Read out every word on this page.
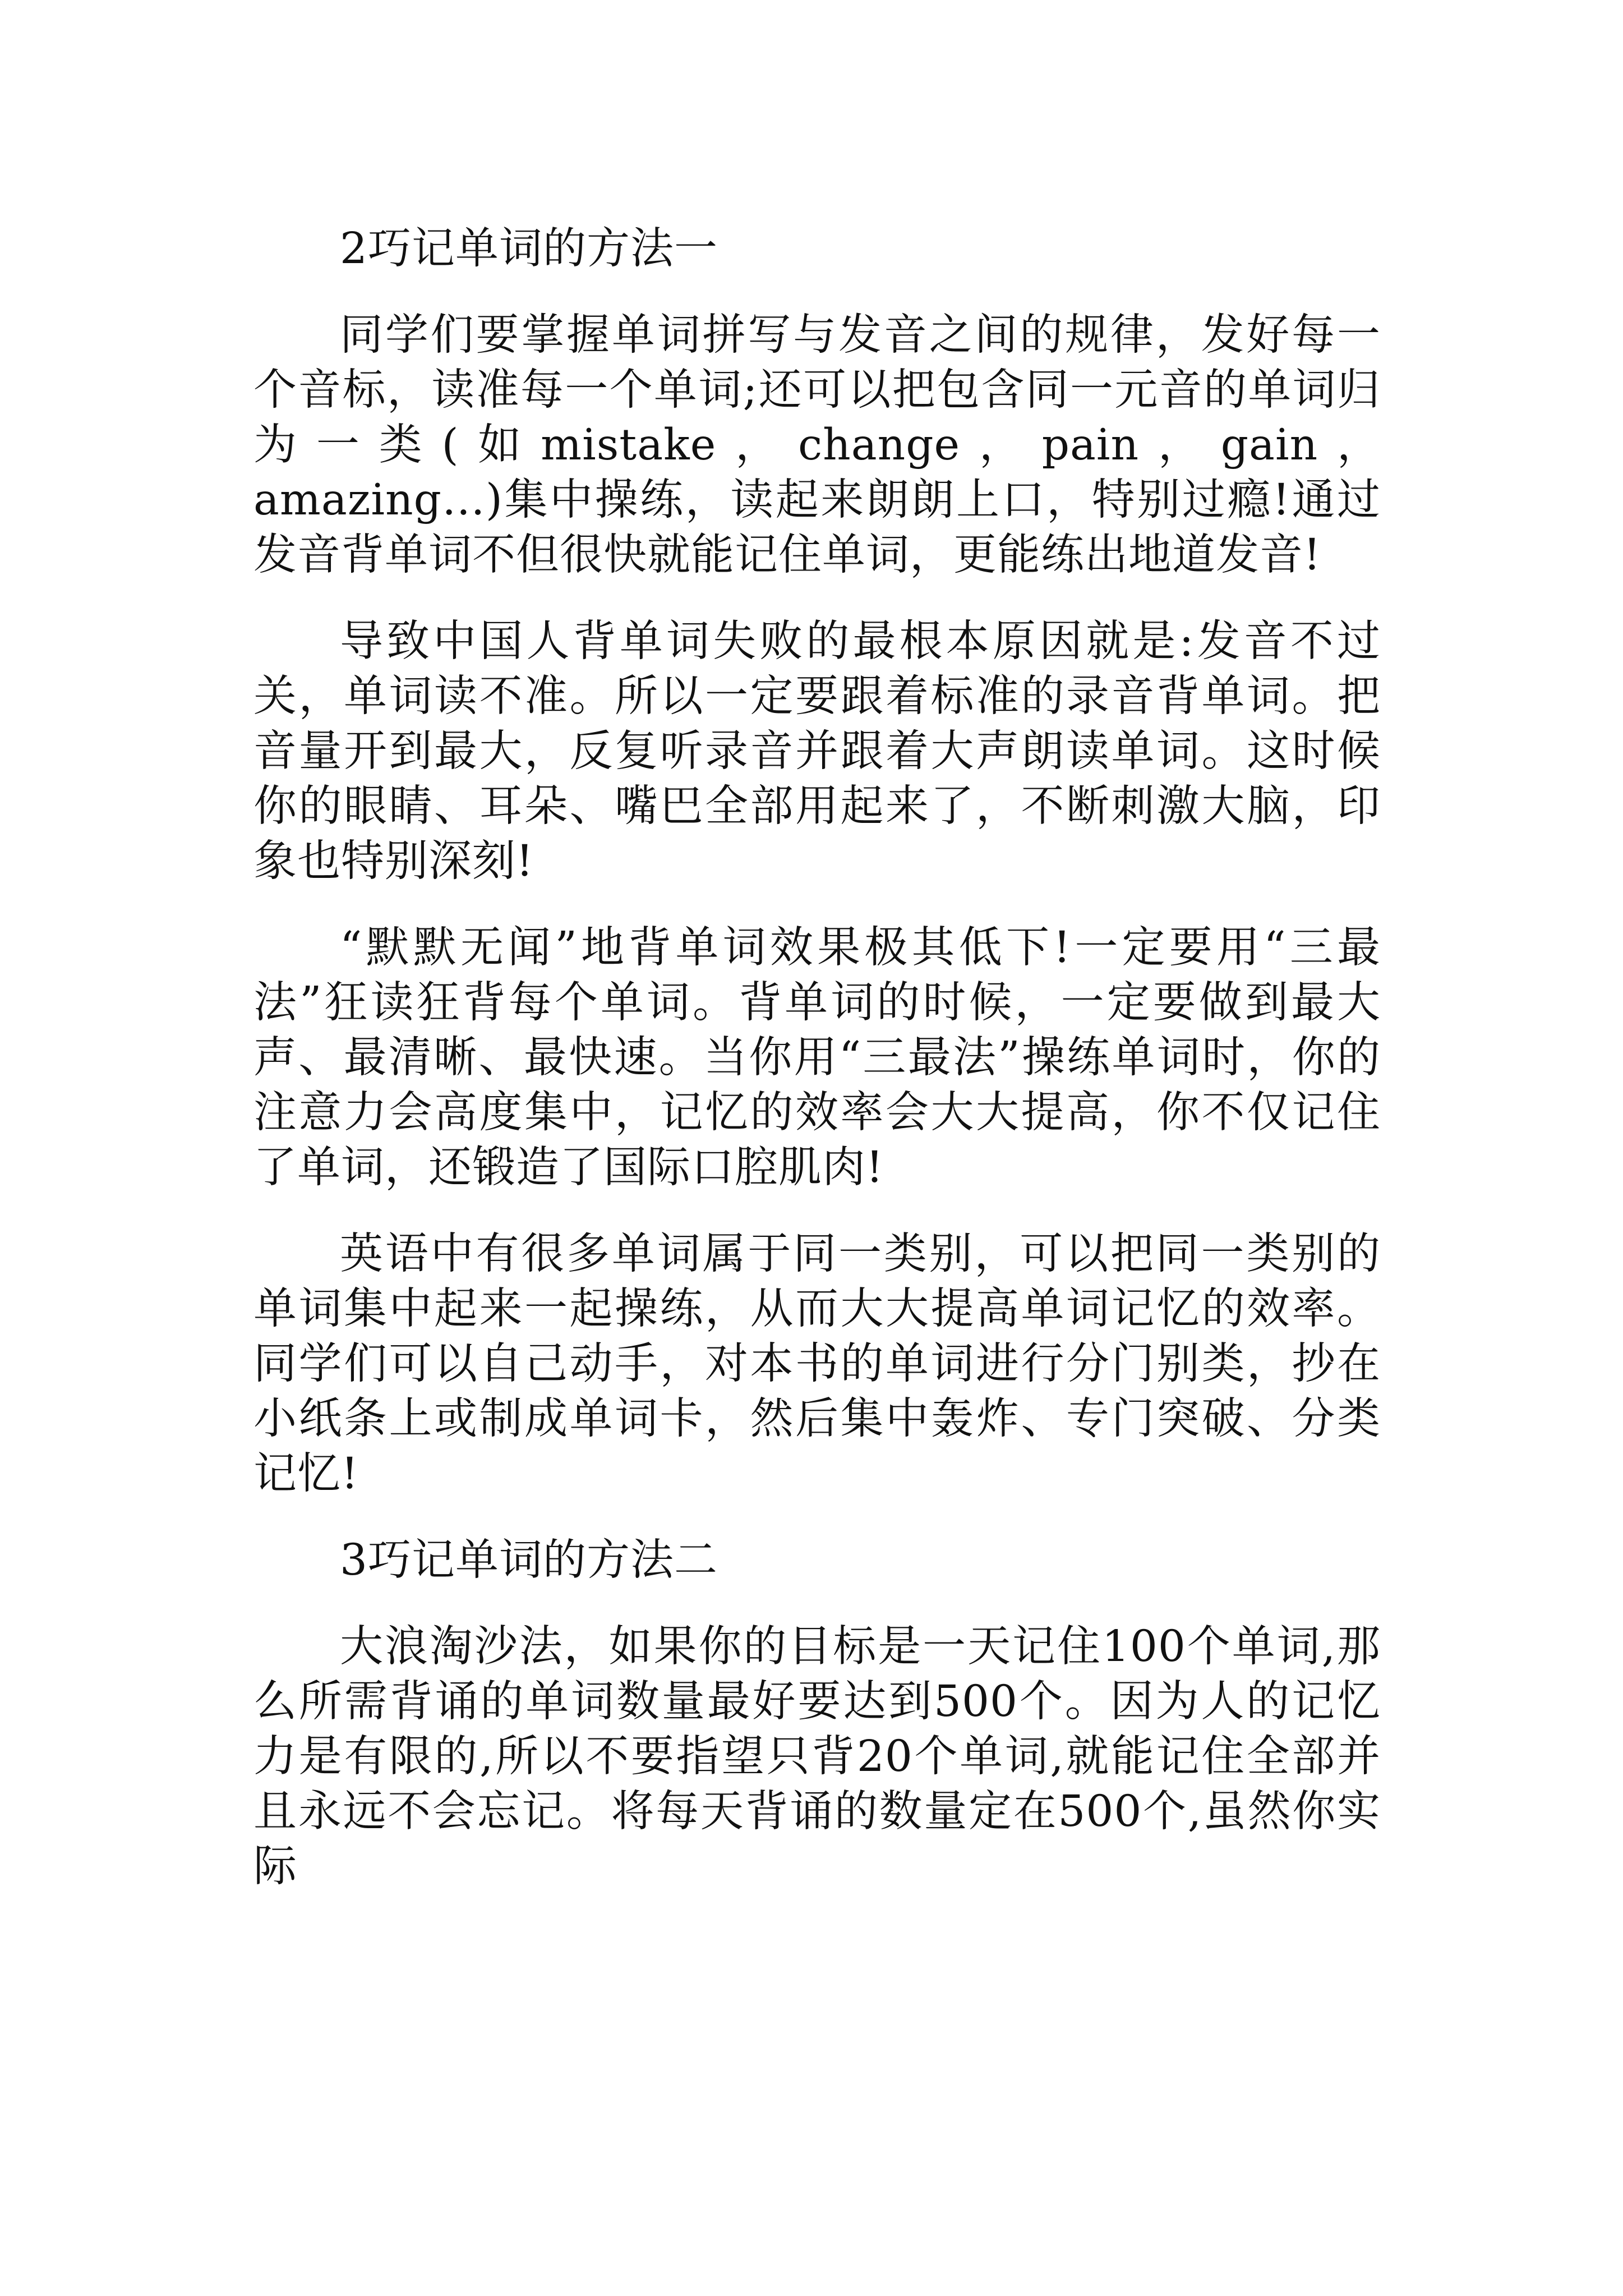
2巧记单词的方法一

同学们要掌握单词拼写与发音之间的规律，发好每一个音标，读准每一个单词;还可以把包含同一元音的单词归为一类(如mistake，change，pain，gain，amazing…)集中操练，读起来朗朗上口，特别过瘾!通过发音背单词不但很快就能记住单词，更能练出地道发音!

导致中国人背单词失败的最根本原因就是:发音不过关，单词读不准。所以一定要跟着标准的录音背单词。把音量开到最大，反复听录音并跟着大声朗读单词。这时候你的眼睛、耳朵、嘴巴全部用起来了，不断刺激大脑，印象也特别深刻!

“默默无闻”地背单词效果极其低下!一定要用“三最法”狂读狂背每个单词。背单词的时候，一定要做到最大声、最清晰、最快速。当你用“三最法”操练单词时，你的注意力会高度集中，记忆的效率会大大提高，你不仅记住了单词，还锻造了国际口腔肌肉!

英语中有很多单词属于同一类别，可以把同一类别的单词集中起来一起操练，从而大大提高单词记忆的效率。同学们可以自己动手，对本书的单词进行分门别类，抄在小纸条上或制成单词卡，然后集中轰炸、专门突破、分类记忆!

3巧记单词的方法二

大浪淘沙法，如果你的目标是一天记住100个单词,那么所需背诵的单词数量最好要达到500个。因为人的记忆力是有限的,所以不要指望只背20个单词,就能记住全部并且永远不会忘记。将每天背诵的数量定在500个,虽然你实际
